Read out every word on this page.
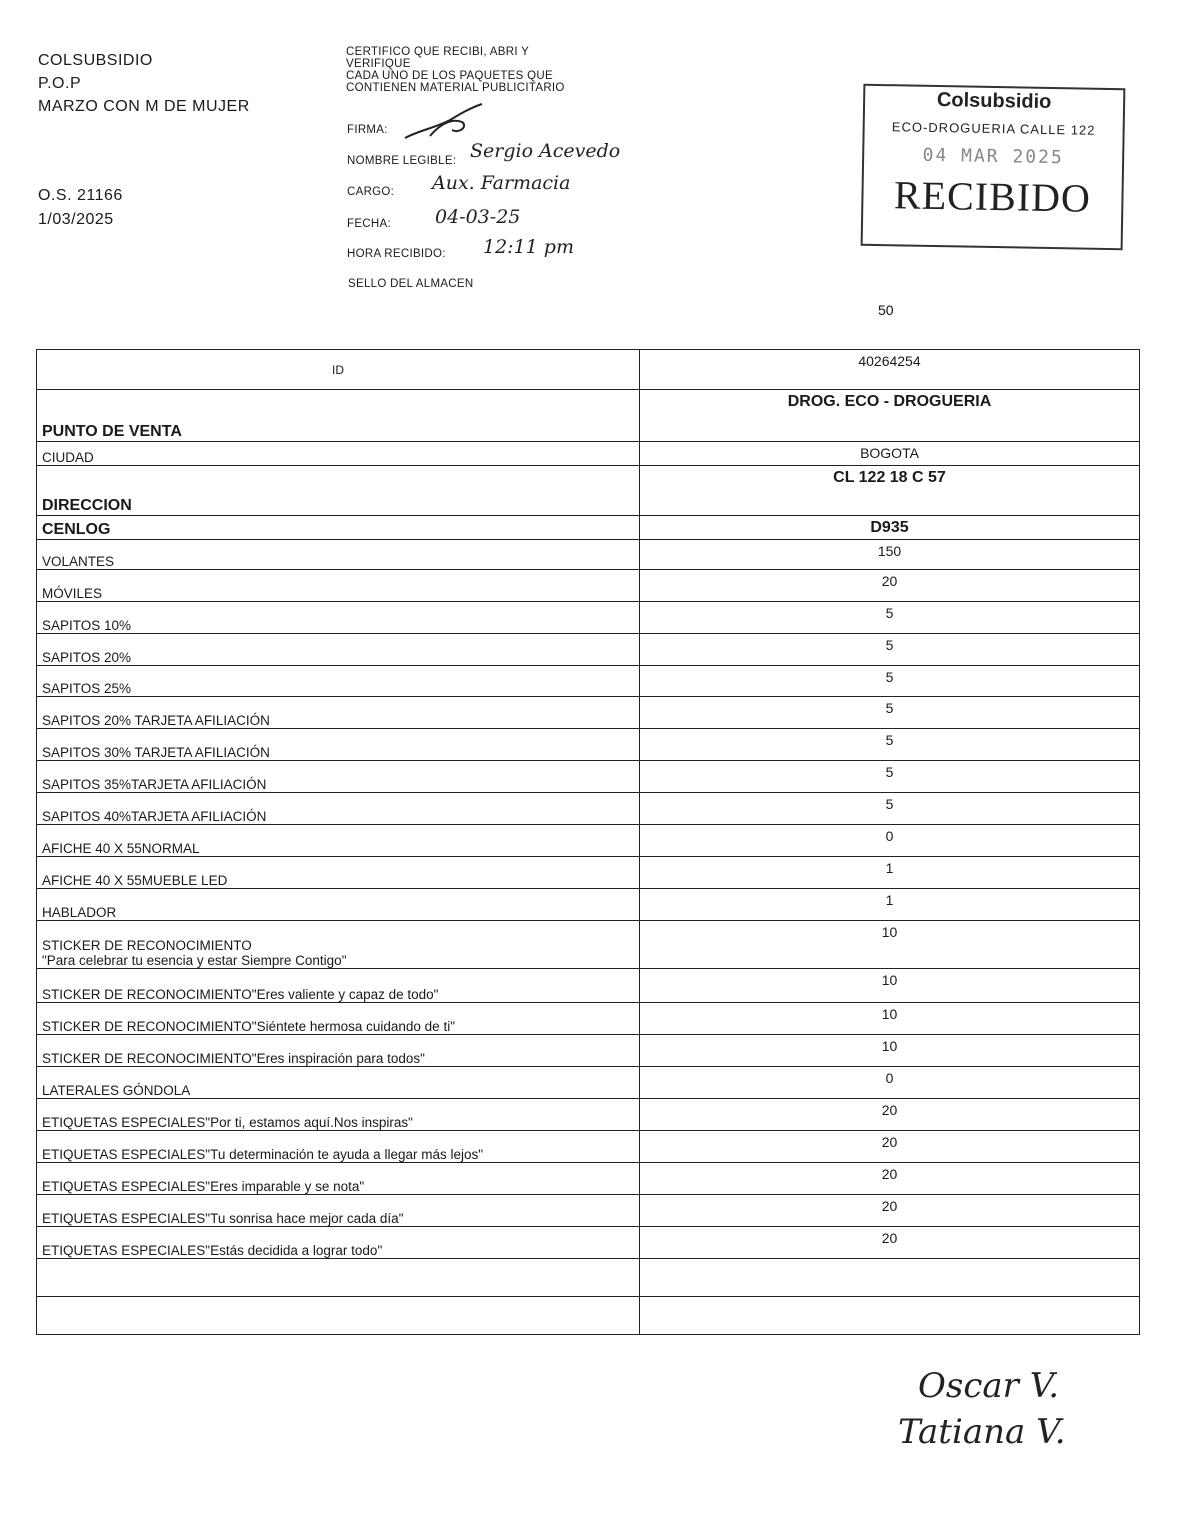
COLSUBSIDIO
P.O.P
MARZO CON M DE MUJER
O.S. 21166
1/03/2025
CERTIFICO QUE RECIBI, ABRI Y
VERIFIQUE
CADA UNO DE LOS PAQUETES QUE
CONTIENEN MATERIAL PUBLICITARIO
FIRMA:
NOMBRE LEGIBLE: Sergio Acevedo
CARGO: Aux. Farmacia
FECHA: 04-03-25
HORA RECIBIDO: 12:11 pm
SELLO DEL ALMACEN
Colsubsidio
ECO-DROGUERIA CALLE 122
04 MAR 2025
RECIBIDO
50
ID	40264254
PUNTO DE VENTA	DROG. ECO - DROGUERIA
CIUDAD	BOGOTA
DIRECCION	CL 122 18 C 57
CENLOG	D935
VOLANTES	150
MÓVILES	20
SAPITOS 10%	5
SAPITOS 20%	5
SAPITOS 25%	5
SAPITOS 20% TARJETA AFILIACIÓN	5
SAPITOS 30% TARJETA AFILIACIÓN	5
SAPITOS 35%TARJETA AFILIACIÓN	5
SAPITOS 40%TARJETA AFILIACIÓN	5
AFICHE 40 X 55NORMAL	0
AFICHE 40 X 55MUEBLE LED	1
HABLADOR	1
STICKER DE RECONOCIMIENTO
"Para celebrar tu esencia y estar Siempre Contigo"	10
STICKER DE RECONOCIMIENTO"Eres valiente y capaz de todo"	10
STICKER DE RECONOCIMIENTO"Siéntete hermosa cuidando de ti"	10
STICKER DE RECONOCIMIENTO"Eres inspiración para todos"	10
LATERALES GÓNDOLA	0
ETIQUETAS ESPECIALES"Por ti, estamos aquí.Nos inspiras"	20
ETIQUETAS ESPECIALES"Tu determinación te ayuda a llegar más lejos"	20
ETIQUETAS ESPECIALES"Eres imparable y se nota"	20
ETIQUETAS ESPECIALES"Tu sonrisa hace mejor cada día"	20
ETIQUETAS ESPECIALES"Estás decidida a lograr todo"	20

Oscar V.
Tatiana V.
